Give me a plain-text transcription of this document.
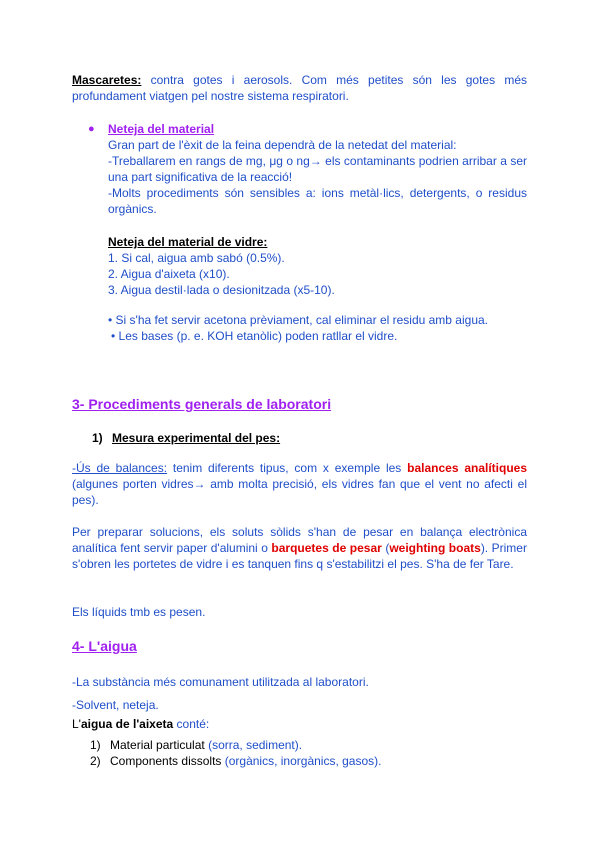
Mascaretes: contra gotes i aerosols. Com més petites són les gotes més profundament viatgen pel nostre sistema respiratori.
● Neteja del material
Gran part de l'èxit de la feina dependrà de la netedat del material:
-Treballarem en rangs de mg, μg o ng→ els contaminants podrien arribar a ser una part significativa de la reacció!
-Molts procediments són sensibles a: ions metàl·lics, detergents, o residus orgànics.
Neteja del material de vidre:
1. Si cal, aigua amb sabó (0.5%).
2. Aigua d'aixeta (x10).
3. Aigua destil·lada o desionitzada (x5-10).
• Si s'ha fet servir acetona prèviament, cal eliminar el residu amb aigua.
• Les bases (p. e. KOH etanòlic) poden ratllar el vidre.
3- Procediments generals de laboratori
1) Mesura experimental del pes:
-Ús de balances: tenim diferents tipus, com x exemple les balances analítiques (algunes porten vidres→ amb molta precisió, els vidres fan que el vent no afecti el pes).
Per preparar solucions, els soluts sòlids s'han de pesar en balança electrònica analítica fent servir paper d'alumini o barquetes de pesar (weighting boats). Primer s'obren les portetes de vidre i es tanquen fins q s'estabilitzi el pes. S'ha de fer Tare.
Els líquids tmb es pesen.
4- L'aigua
-La substància més comunament utilitzada al laboratori.
-Solvent, neteja.
L'aigua de l'aixeta conté:
1) Material particulat (sorra, sediment).
2) Components dissolts (orgànics, inorgànics, gasos).
